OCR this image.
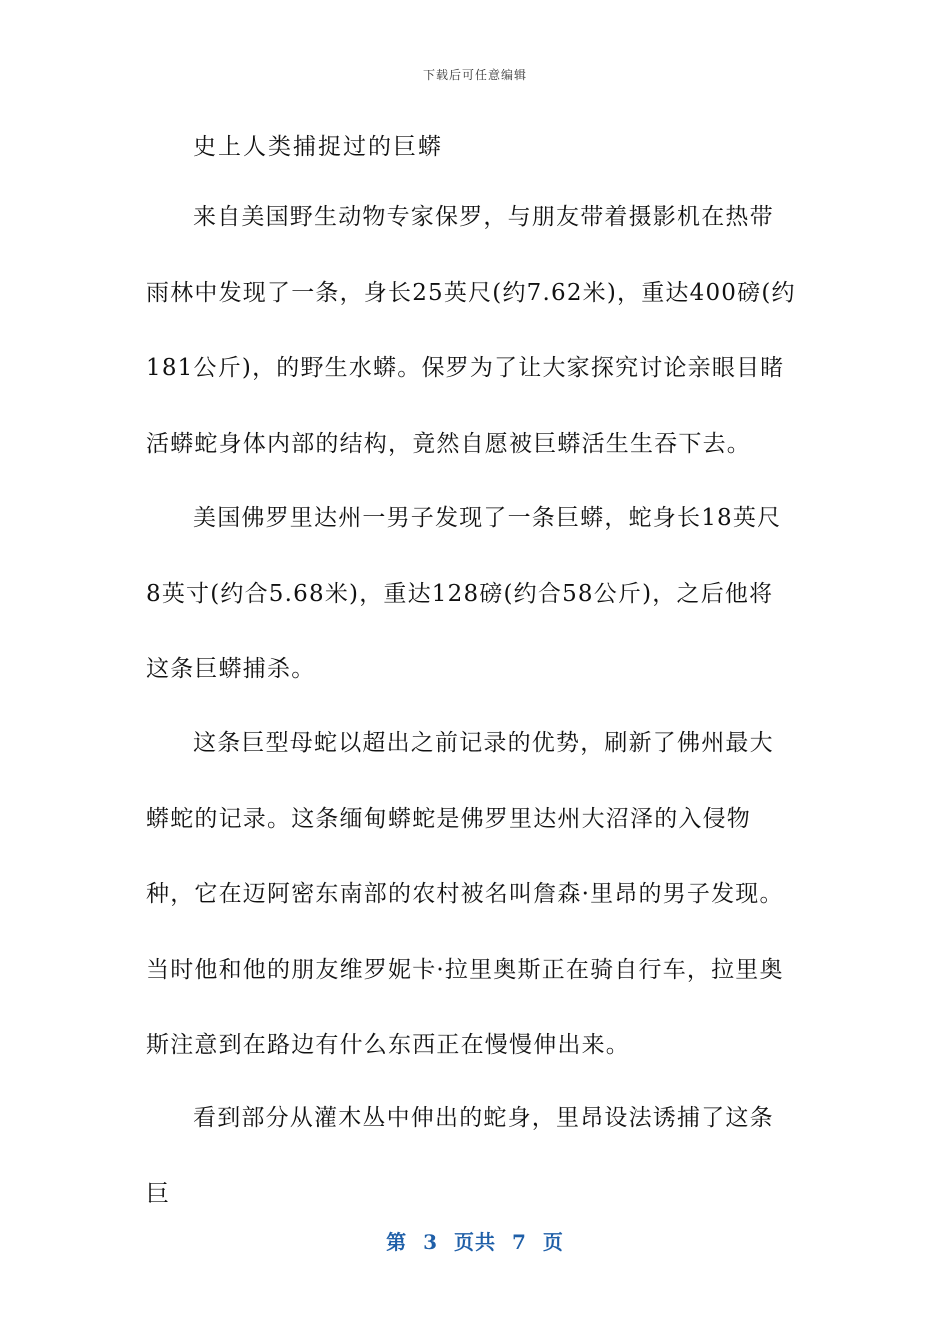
下载后可任意编辑
史上人类捕捉过的巨蟒

来自美国野生动物专家保罗，与朋友带着摄影机在热带雨林中发现了一条，身长25英尺(约7.62米)，重达400磅(约181公斤)，的野生水蟒。保罗为了让大家探究讨论亲眼目睹活蟒蛇身体内部的结构，竟然自愿被巨蟒活生生吞下去。

美国佛罗里达州一男子发现了一条巨蟒，蛇身长18英尺8英寸(约合5.68米)，重达128磅(约合58公斤)，之后他将这条巨蟒捕杀。

这条巨型母蛇以超出之前记录的优势，刷新了佛州最大蟒蛇的记录。这条缅甸蟒蛇是佛罗里达州大沼泽的入侵物种，它在迈阿密东南部的农村被名叫詹森·里昂的男子发现。当时他和他的朋友维罗妮卡·拉里奥斯正在骑自行车，拉里奥斯注意到在路边有什么东西正在慢慢伸出来。

看到部分从灌木丛中伸出的蛇身，里昂设法诱捕了这条巨

第 3 页共 7 页
